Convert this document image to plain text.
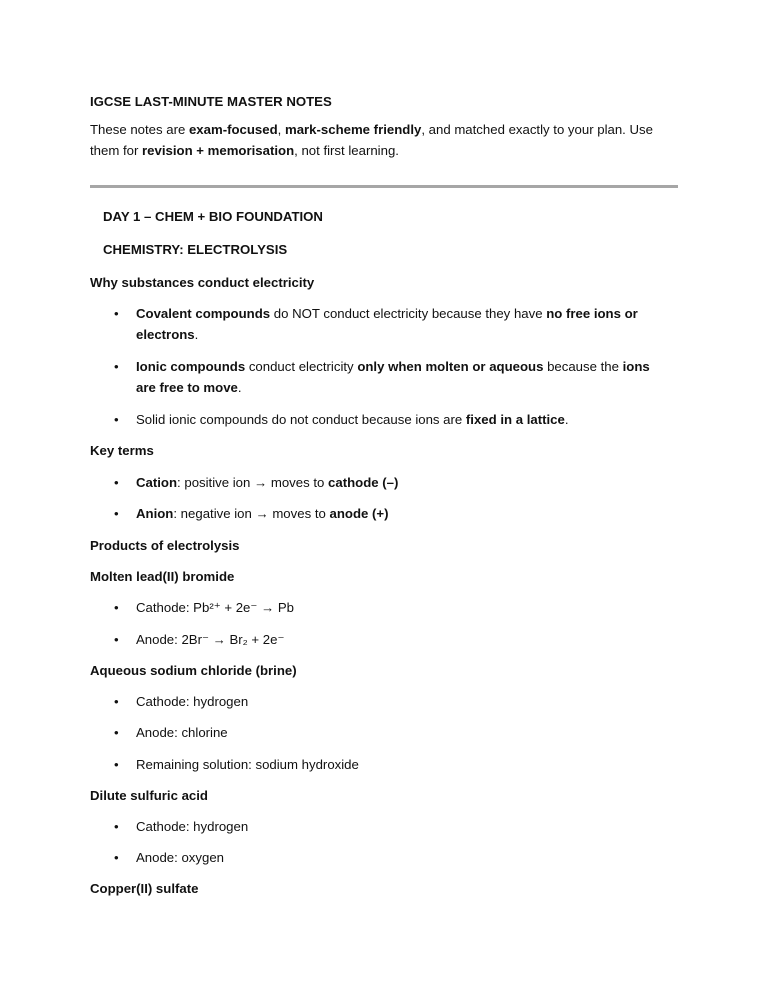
IGCSE LAST-MINUTE MASTER NOTES

These notes are exam-focused, mark-scheme friendly, and matched exactly to your plan. Use them for revision + memorisation, not first learning.

DAY 1 – CHEM + BIO FOUNDATION

CHEMISTRY: ELECTROLYSIS

Why substances conduct electricity

•	Covalent compounds do NOT conduct electricity because they have no free ions or electrons.

•	Ionic compounds conduct electricity only when molten or aqueous because the ions are free to move.

•	Solid ionic compounds do not conduct because ions are fixed in a lattice.

Key terms

•	Cation: positive ion → moves to cathode (–)

•	Anion: negative ion → moves to anode (+)

Products of electrolysis

Molten lead(II) bromide

•	Cathode: Pb²⁺ + 2e⁻ → Pb

•	Anode: 2Br⁻ → Br₂ + 2e⁻

Aqueous sodium chloride (brine)

•	Cathode: hydrogen

•	Anode: chlorine

•	Remaining solution: sodium hydroxide

Dilute sulfuric acid

•	Cathode: hydrogen

•	Anode: oxygen

Copper(II) sulfate
